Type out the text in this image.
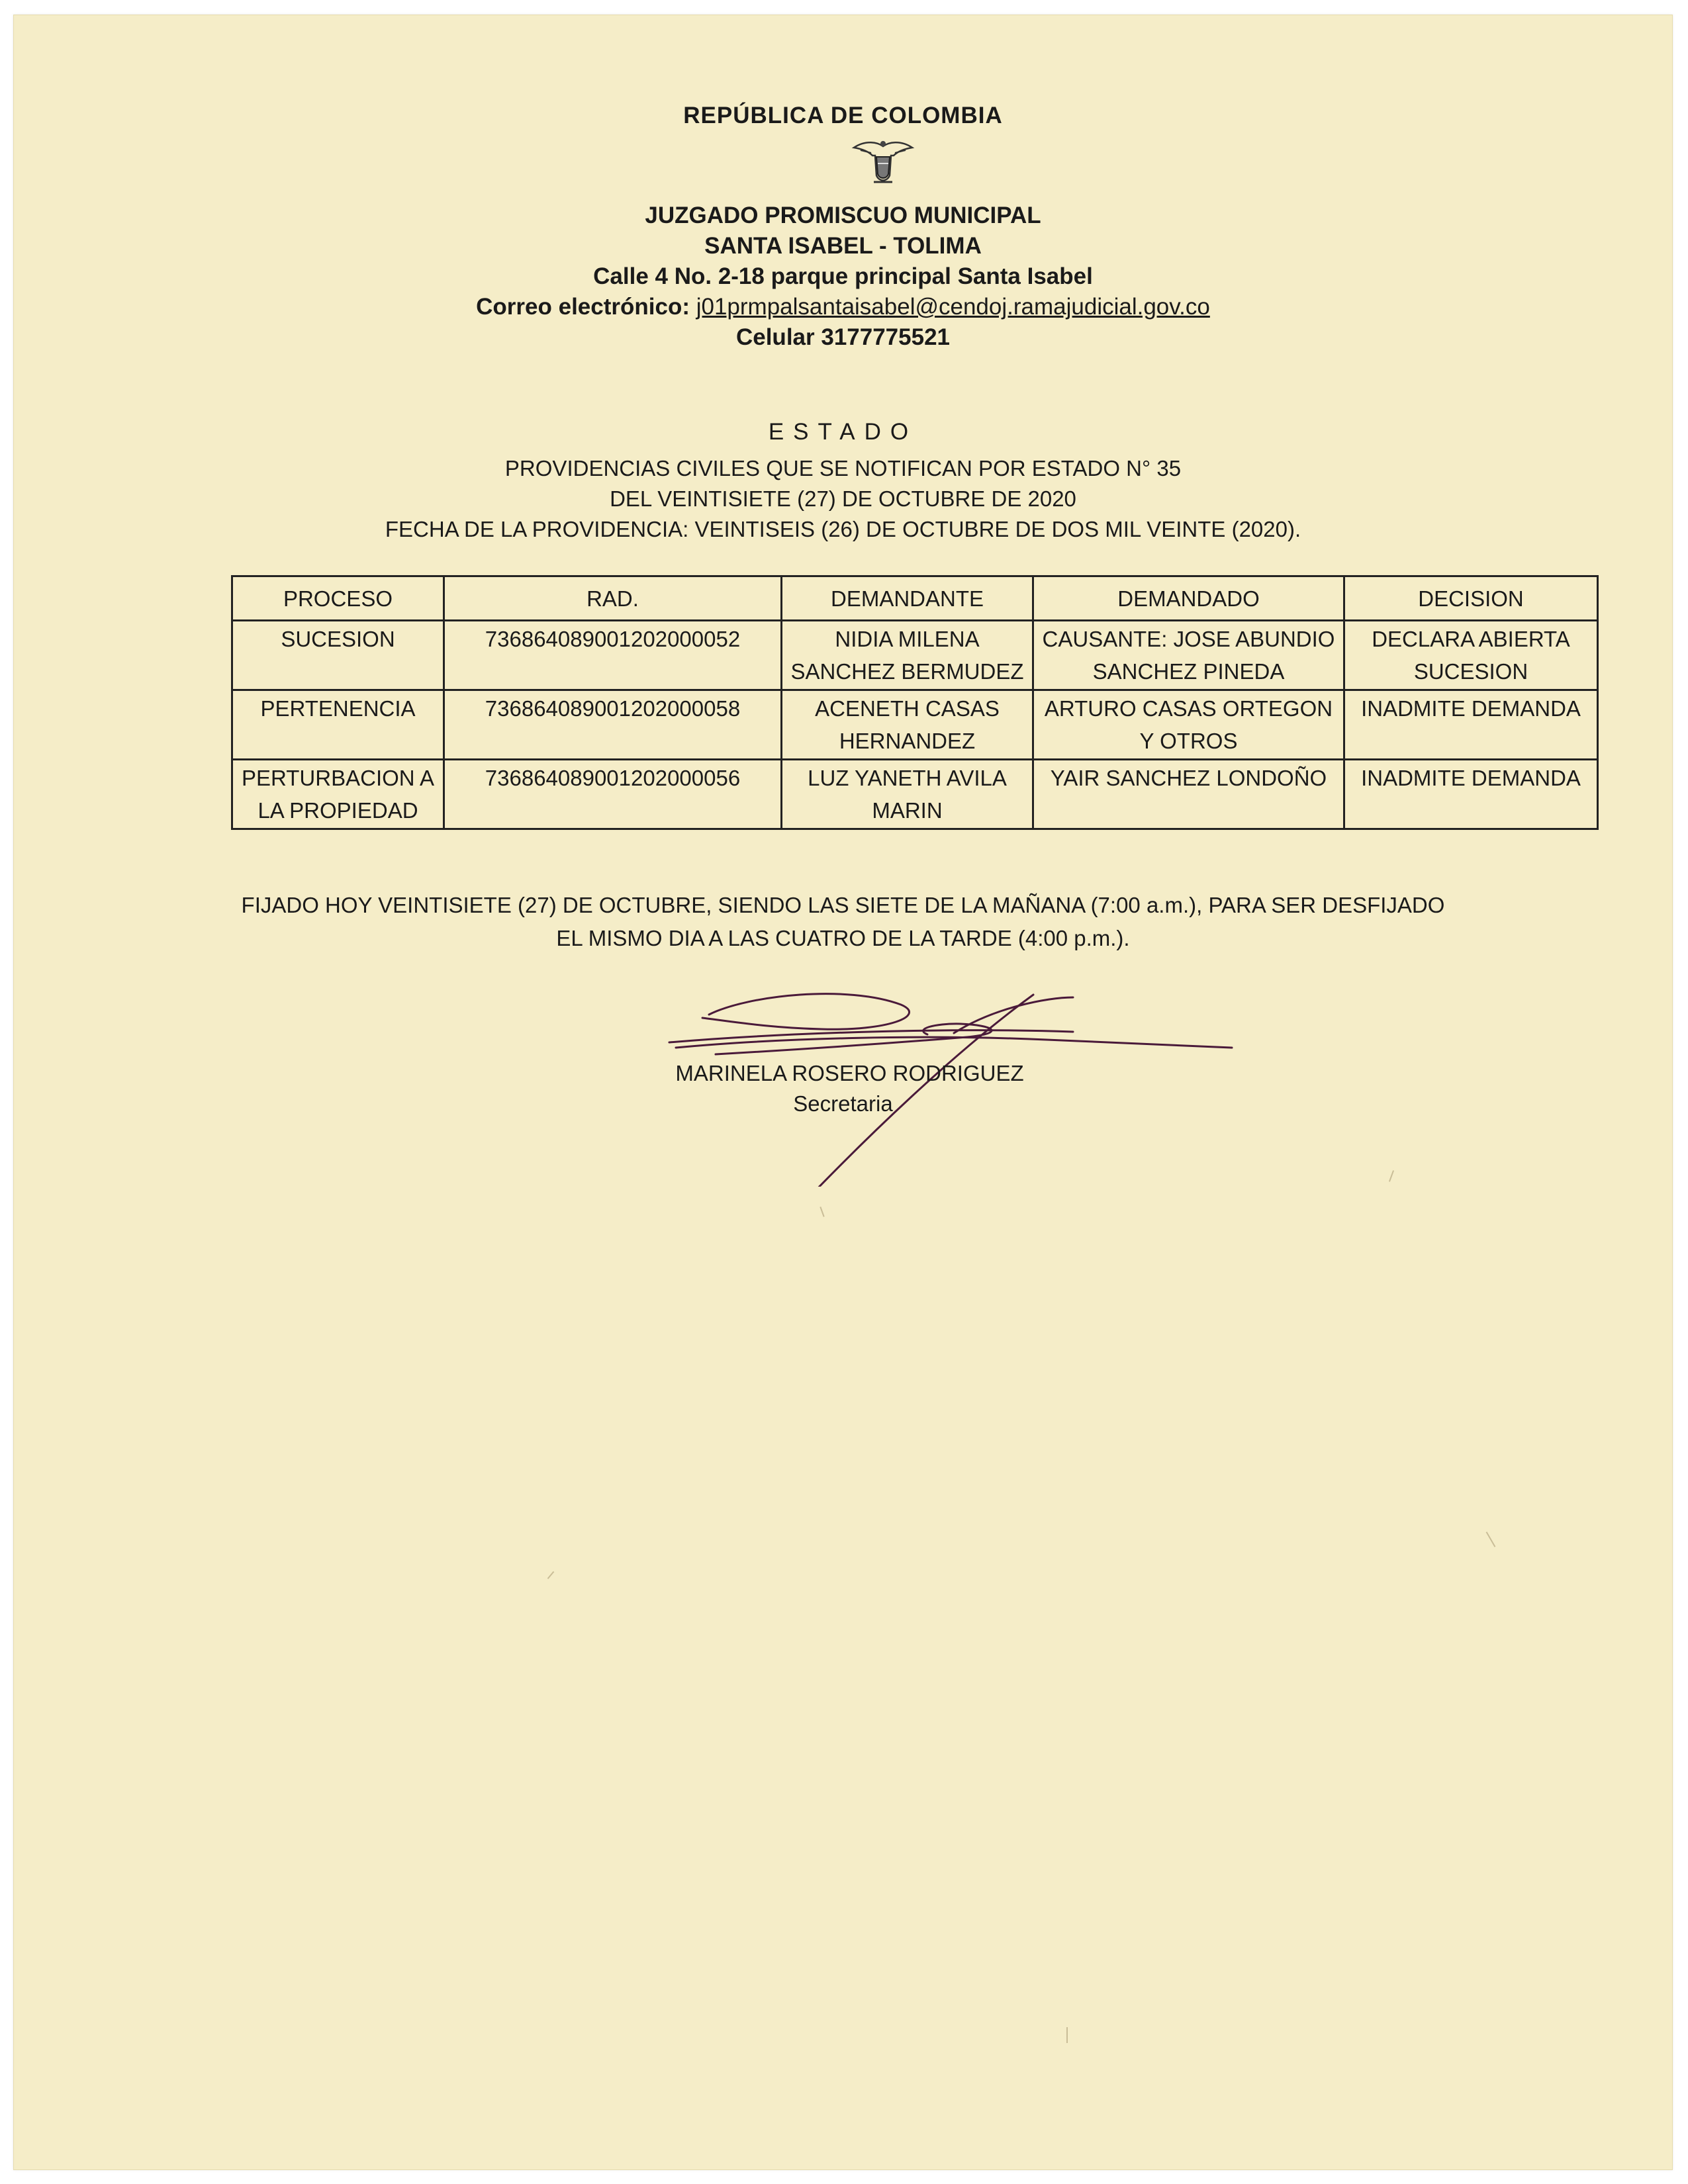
REPÚBLICA DE COLOMBIA
JUZGADO PROMISCUO MUNICIPAL
SANTA ISABEL - TOLIMA
Calle 4 No. 2-18 parque principal Santa Isabel
Correo electrónico: j01prmpalsantaisabel@cendoj.ramajudicial.gov.co
Celular 3177775521
ESTADO
PROVIDENCIAS CIVILES QUE SE NOTIFICAN POR ESTADO N° 35
DEL VEINTISIETE (27) DE OCTUBRE DE 2020
FECHA DE LA PROVIDENCIA: VEINTISEIS (26) DE OCTUBRE DE DOS MIL VEINTE (2020).
PROCESO	RAD.	DEMANDANTE	DEMANDADO	DECISION
SUCESION	736864089001202000052	NIDIA MILENA SANCHEZ BERMUDEZ	CAUSANTE: JOSE ABUNDIO SANCHEZ PINEDA	DECLARA ABIERTA SUCESION
PERTENENCIA	736864089001202000058	ACENETH CASAS HERNANDEZ	ARTURO CASAS ORTEGON Y OTROS	INADMITE DEMANDA
PERTURBACION A LA PROPIEDAD	736864089001202000056	LUZ YANETH AVILA MARIN	YAIR SANCHEZ LONDOÑO	INADMITE DEMANDA
FIJADO HOY VEINTISIETE (27) DE OCTUBRE, SIENDO LAS SIETE DE LA MAÑANA (7:00 a.m.), PARA SER DESFIJADO EL MISMO DIA A LAS CUATRO DE LA TARDE (4:00 p.m.).
MARINELA ROSERO RODRIGUEZ
Secretaria
